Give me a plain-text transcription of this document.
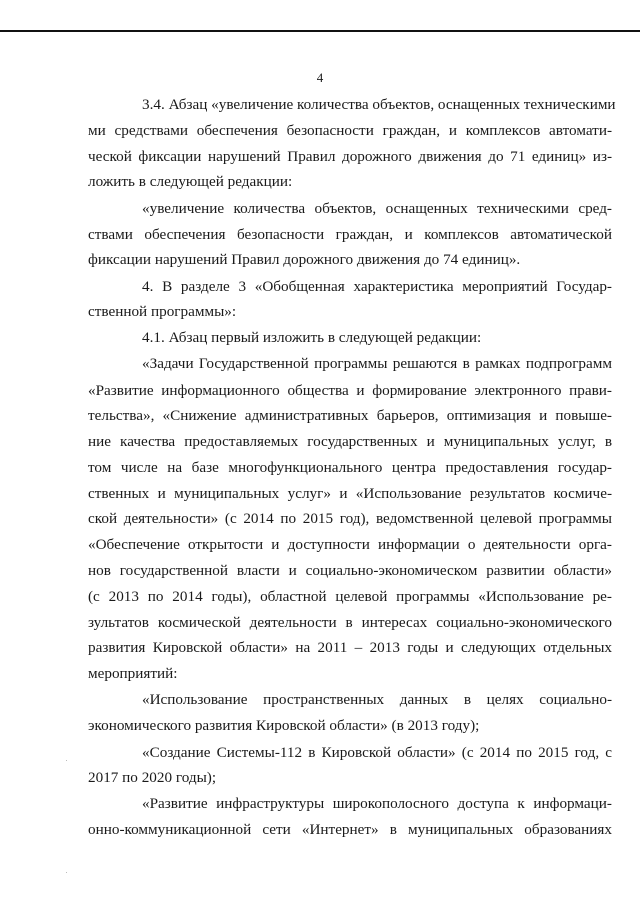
4
3.4. Абзац «увеличение количества объектов, оснащенных техническими
ми средствами обеспечения безопасности граждан, и комплексов автомати-
ческой фиксации нарушений Правил дорожного движения до 71 единиц» из-
ложить в следующей редакции:
«увеличение количества объектов, оснащенных техническими сред-
ствами обеспечения безопасности граждан, и комплексов автоматической
фиксации нарушений Правил дорожного движения до 74 единиц».
4. В разделе 3 «Обобщенная характеристика мероприятий Государ-
ственной программы»:
4.1. Абзац первый изложить в следующей редакции:
«Задачи Государственной программы решаются в рамках подпрограмм
«Развитие информационного общества и формирование электронного прави-
тельства», «Снижение административных барьеров, оптимизация и повыше-
ние качества предоставляемых государственных и муниципальных услуг, в
том числе на базе многофункционального центра предоставления государ-
ственных и муниципальных услуг» и «Использование результатов космиче-
ской деятельности» (с 2014 по 2015 год), ведомственной целевой программы
«Обеспечение открытости и доступности информации о деятельности орга-
нов государственной власти и социально-экономическом развитии области»
(с 2013 по 2014 годы), областной целевой программы «Использование ре-
зультатов космической деятельности в интересах социально-экономического
развития Кировской области» на 2011 – 2013 годы и следующих отдельных
мероприятий:
«Использование пространственных данных в целях социально-
экономического развития Кировской области» (в 2013 году);
«Создание Системы-112 в Кировской области» (с 2014 по 2015 год, с
2017 по 2020 годы);
«Развитие инфраструктуры широкополосного доступа к информаци-
онно-коммуникационной сети «Интернет» в муниципальных образованиях
